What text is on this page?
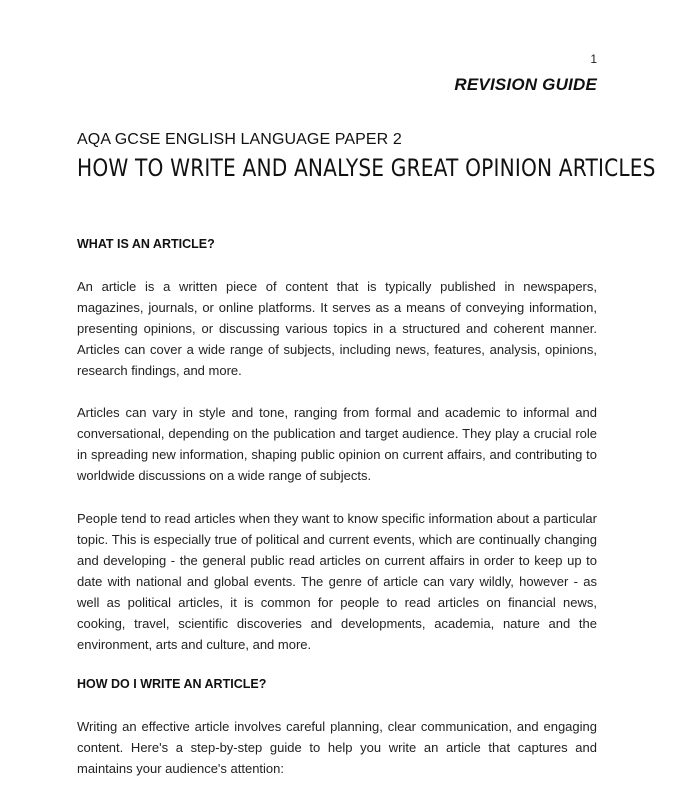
1
REVISION GUIDE
AQA GCSE ENGLISH LANGUAGE PAPER 2
HOW TO WRITE AND ANALYSE GREAT OPINION ARTICLES
WHAT IS AN ARTICLE?

An article is a written piece of content that is typically published in newspapers, magazines, journals, or online platforms. It serves as a means of conveying information, presenting opinions, or discussing various topics in a structured and coherent manner. Articles can cover a wide range of subjects, including news, features, analysis, opinions, research findings, and more.

Articles can vary in style and tone, ranging from formal and academic to informal and conversational, depending on the publication and target audience. They play a crucial role in spreading new information, shaping public opinion on current affairs, and contributing to worldwide discussions on a wide range of subjects.

People tend to read articles when they want to know specific information about a particular topic. This is especially true of political and current events, which are continually changing and developing - the general public read articles on current affairs in order to keep up to date with national and global events. The genre of article can vary wildly, however - as well as political articles, it is common for people to read articles on financial news, cooking, travel, scientific discoveries and developments, academia, nature and the environment, arts and culture, and more.

HOW DO I WRITE AN ARTICLE?

Writing an effective article involves careful planning, clear communication, and engaging content. Here's a step-by-step guide to help you write an article that captures and maintains your audience's attention:
